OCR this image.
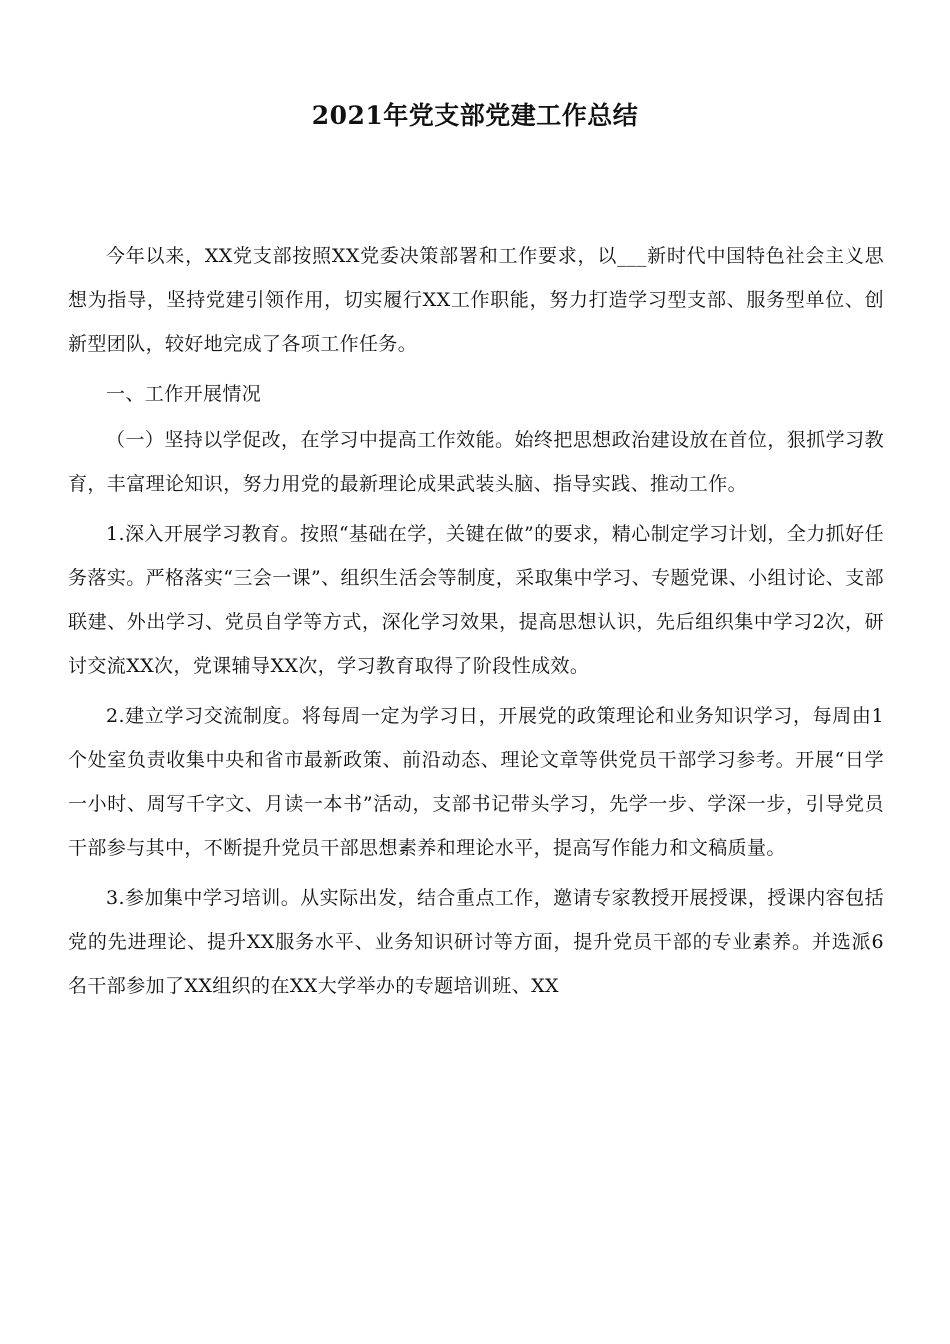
2021年党支部党建工作总结

今年以来，XX党支部按照XX党委决策部署和工作要求，以___新时代中国特色社会主义思想为指导，坚持党建引领作用，切实履行XX工作职能，努力打造学习型支部、服务型单位、创新型团队，较好地完成了各项工作任务。

一、工作开展情况

（一）坚持以学促改，在学习中提高工作效能。始终把思想政治建设放在首位，狠抓学习教育，丰富理论知识，努力用党的最新理论成果武装头脑、指导实践、推动工作。

1.深入开展学习教育。按照“基础在学，关键在做”的要求，精心制定学习计划，全力抓好任务落实。严格落实“三会一课”、组织生活会等制度，采取集中学习、专题党课、小组讨论、支部联建、外出学习、党员自学等方式，深化学习效果，提高思想认识，先后组织集中学习2次，研讨交流XX次，党课辅导XX次，学习教育取得了阶段性成效。

2.建立学习交流制度。将每周一定为学习日，开展党的政策理论和业务知识学习，每周由1个处室负责收集中央和省市最新政策、前沿动态、理论文章等供党员干部学习参考。开展“日学一小时、周写千字文、月读一本书”活动，支部书记带头学习，先学一步、学深一步，引导党员干部参与其中，不断提升党员干部思想素养和理论水平，提高写作能力和文稿质量。

3.参加集中学习培训。从实际出发，结合重点工作，邀请专家教授开展授课，授课内容包括党的先进理论、提升XX服务水平、业务知识研讨等方面，提升党员干部的专业素养。并选派6名干部参加了XX组织的在XX大学举办的专题培训班、XX
